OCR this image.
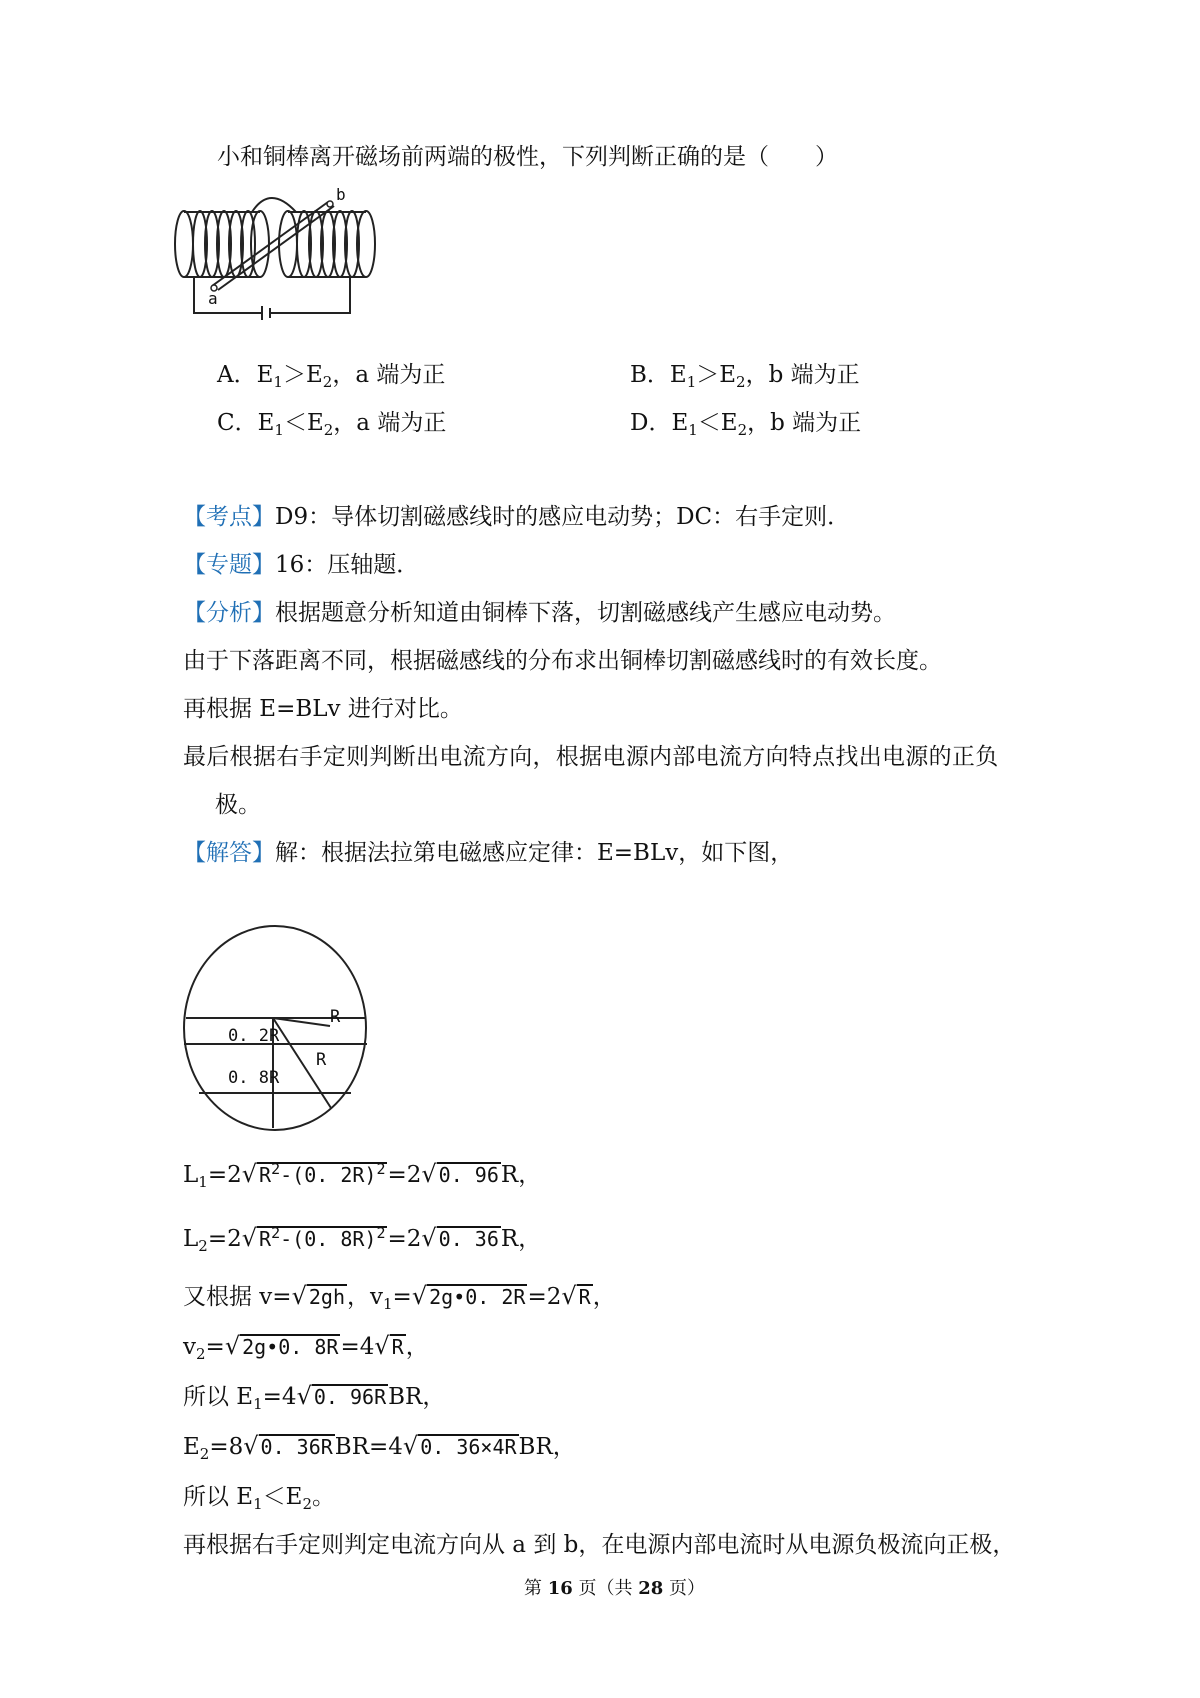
小和铜棒离开磁场前两端的极性，下列判断正确的是（　　）
a
b
A．$E_1>E_2$，a 端为正	B．$E_1>E_2$，b 端为正
C．$E_1<E_2$，a 端为正	D．$E_1<E_2$，b 端为正
【考点】D9：导体切割磁感线时的感应电动势；DC：右手定则．
【专题】16：压轴题．
【分析】根据题意分析知道由铜棒下落，切割磁感线产生感应电动势。
由于下落距离不同，根据磁感线的分布求出铜棒切割磁感线时的有效长度。
再根据 E=BLv 进行对比。
最后根据右手定则判断出电流方向，根据电源内部电流方向特点找出电源的正负
极。
【解答】解：根据法拉第电磁感应定律：E=BLv，如下图，
0. 2R
0. 8R
R
R
$L_1=2√$ $R^2-(0$. 2R)$^2$=2√ 0. 96R，
$L_2=2√$ $R^2-(0$. 8R)$^2$=2√ 0. 36R，
又根据 v=√ 2gh，$v_1=√$ 2g•0. 2R=2√ R，
$v_2=√$ 2g•0. 8R=4√ R，
所以 $E_1=4√$ 0. 96RBR，
$E_2=8√$ 0. 36RBR=4√ 0. 36×4RBR，
所以 $E_1<E_2$。
再根据右手定则判定电流方向从 a 到 b，在电源内部电流时从电源负极流向正极，
第 16 页（共 28 页）
